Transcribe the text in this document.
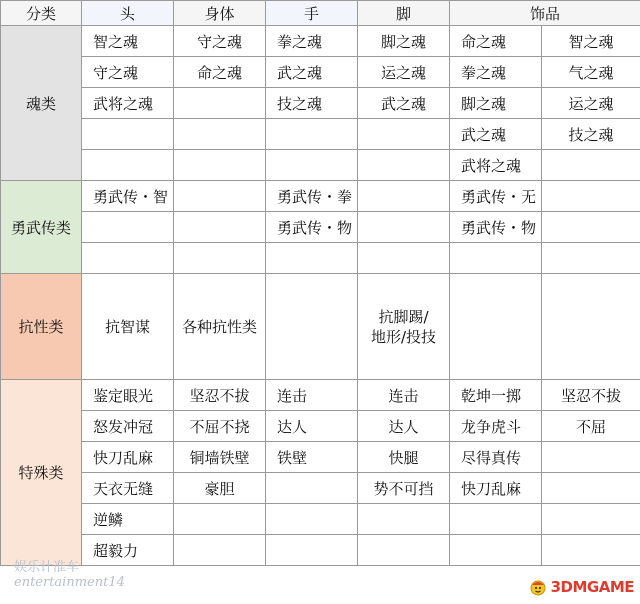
分类	头	身体	手	脚	饰品	
魂类	智之魂	守之魂	拳之魂	脚之魂	命之魂	智之魂
	守之魂	命之魂	武之魂	运之魂	拳之魂	气之魂
	武将之魂		技之魂	武之魂	脚之魂	运之魂
					武之魂	技之魂
					武将之魂	
勇武传类	勇武传・智		勇武传・拳		勇武传・无	
			勇武传・物		勇武传・物	

抗性类	抗智谋	各种抗性类		抗脚踢/
地形/投技		

特殊类	鉴定眼光	坚忍不拔	连击	连击	乾坤一掷	坚忍不拔
	怒发冲冠	不屈不挠	达人	达人	龙争虎斗	不屈
	快刀乱麻	铜墙铁壁	铁壁	快腿	尽得真传	
	天衣无缝	豪胆		势不可挡	快刀乱麻	
	逆鳞					
	超毅力					
娱乐计准车
entertainment14	3DMGAME
